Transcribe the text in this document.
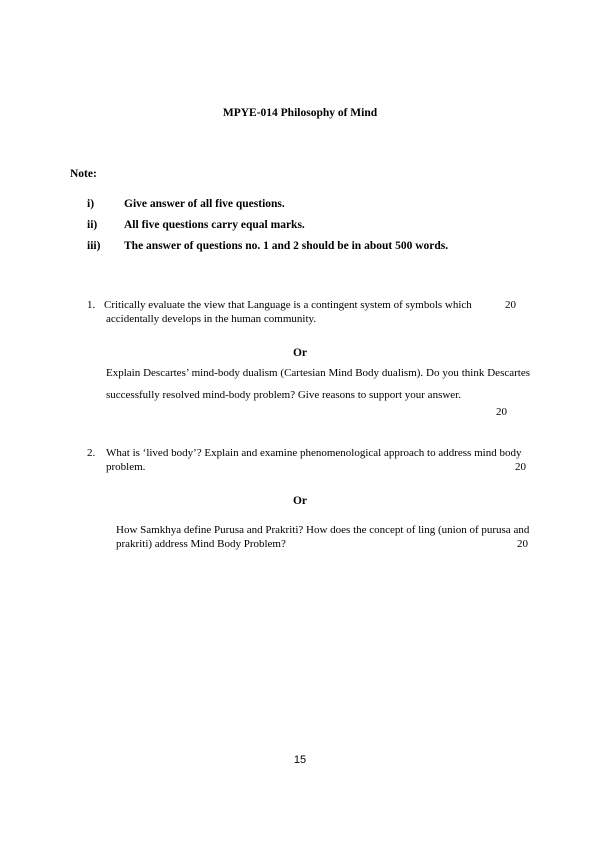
MPYE-014 Philosophy of Mind
Note:
i)	Give answer of all five questions.
ii) All five questions carry equal marks.
iii) The answer of questions no. 1 and 2 should be in about 500 words.
1. Critically evaluate the view that Language is a contingent system of symbols which	20
accidentally develops in the human community.
Or
Explain Descartes’ mind-body dualism (Cartesian Mind Body dualism). Do you think Descartes successfully resolved mind-body problem? Give reasons to support your answer.
20
2. What is ‘lived body’? Explain and examine phenomenological approach to address mind body
problem.	20
Or
How Samkhya define Purusa and Prakriti? How does the concept of ling (union of purusa and
prakriti) address Mind Body Problem?	20
15
